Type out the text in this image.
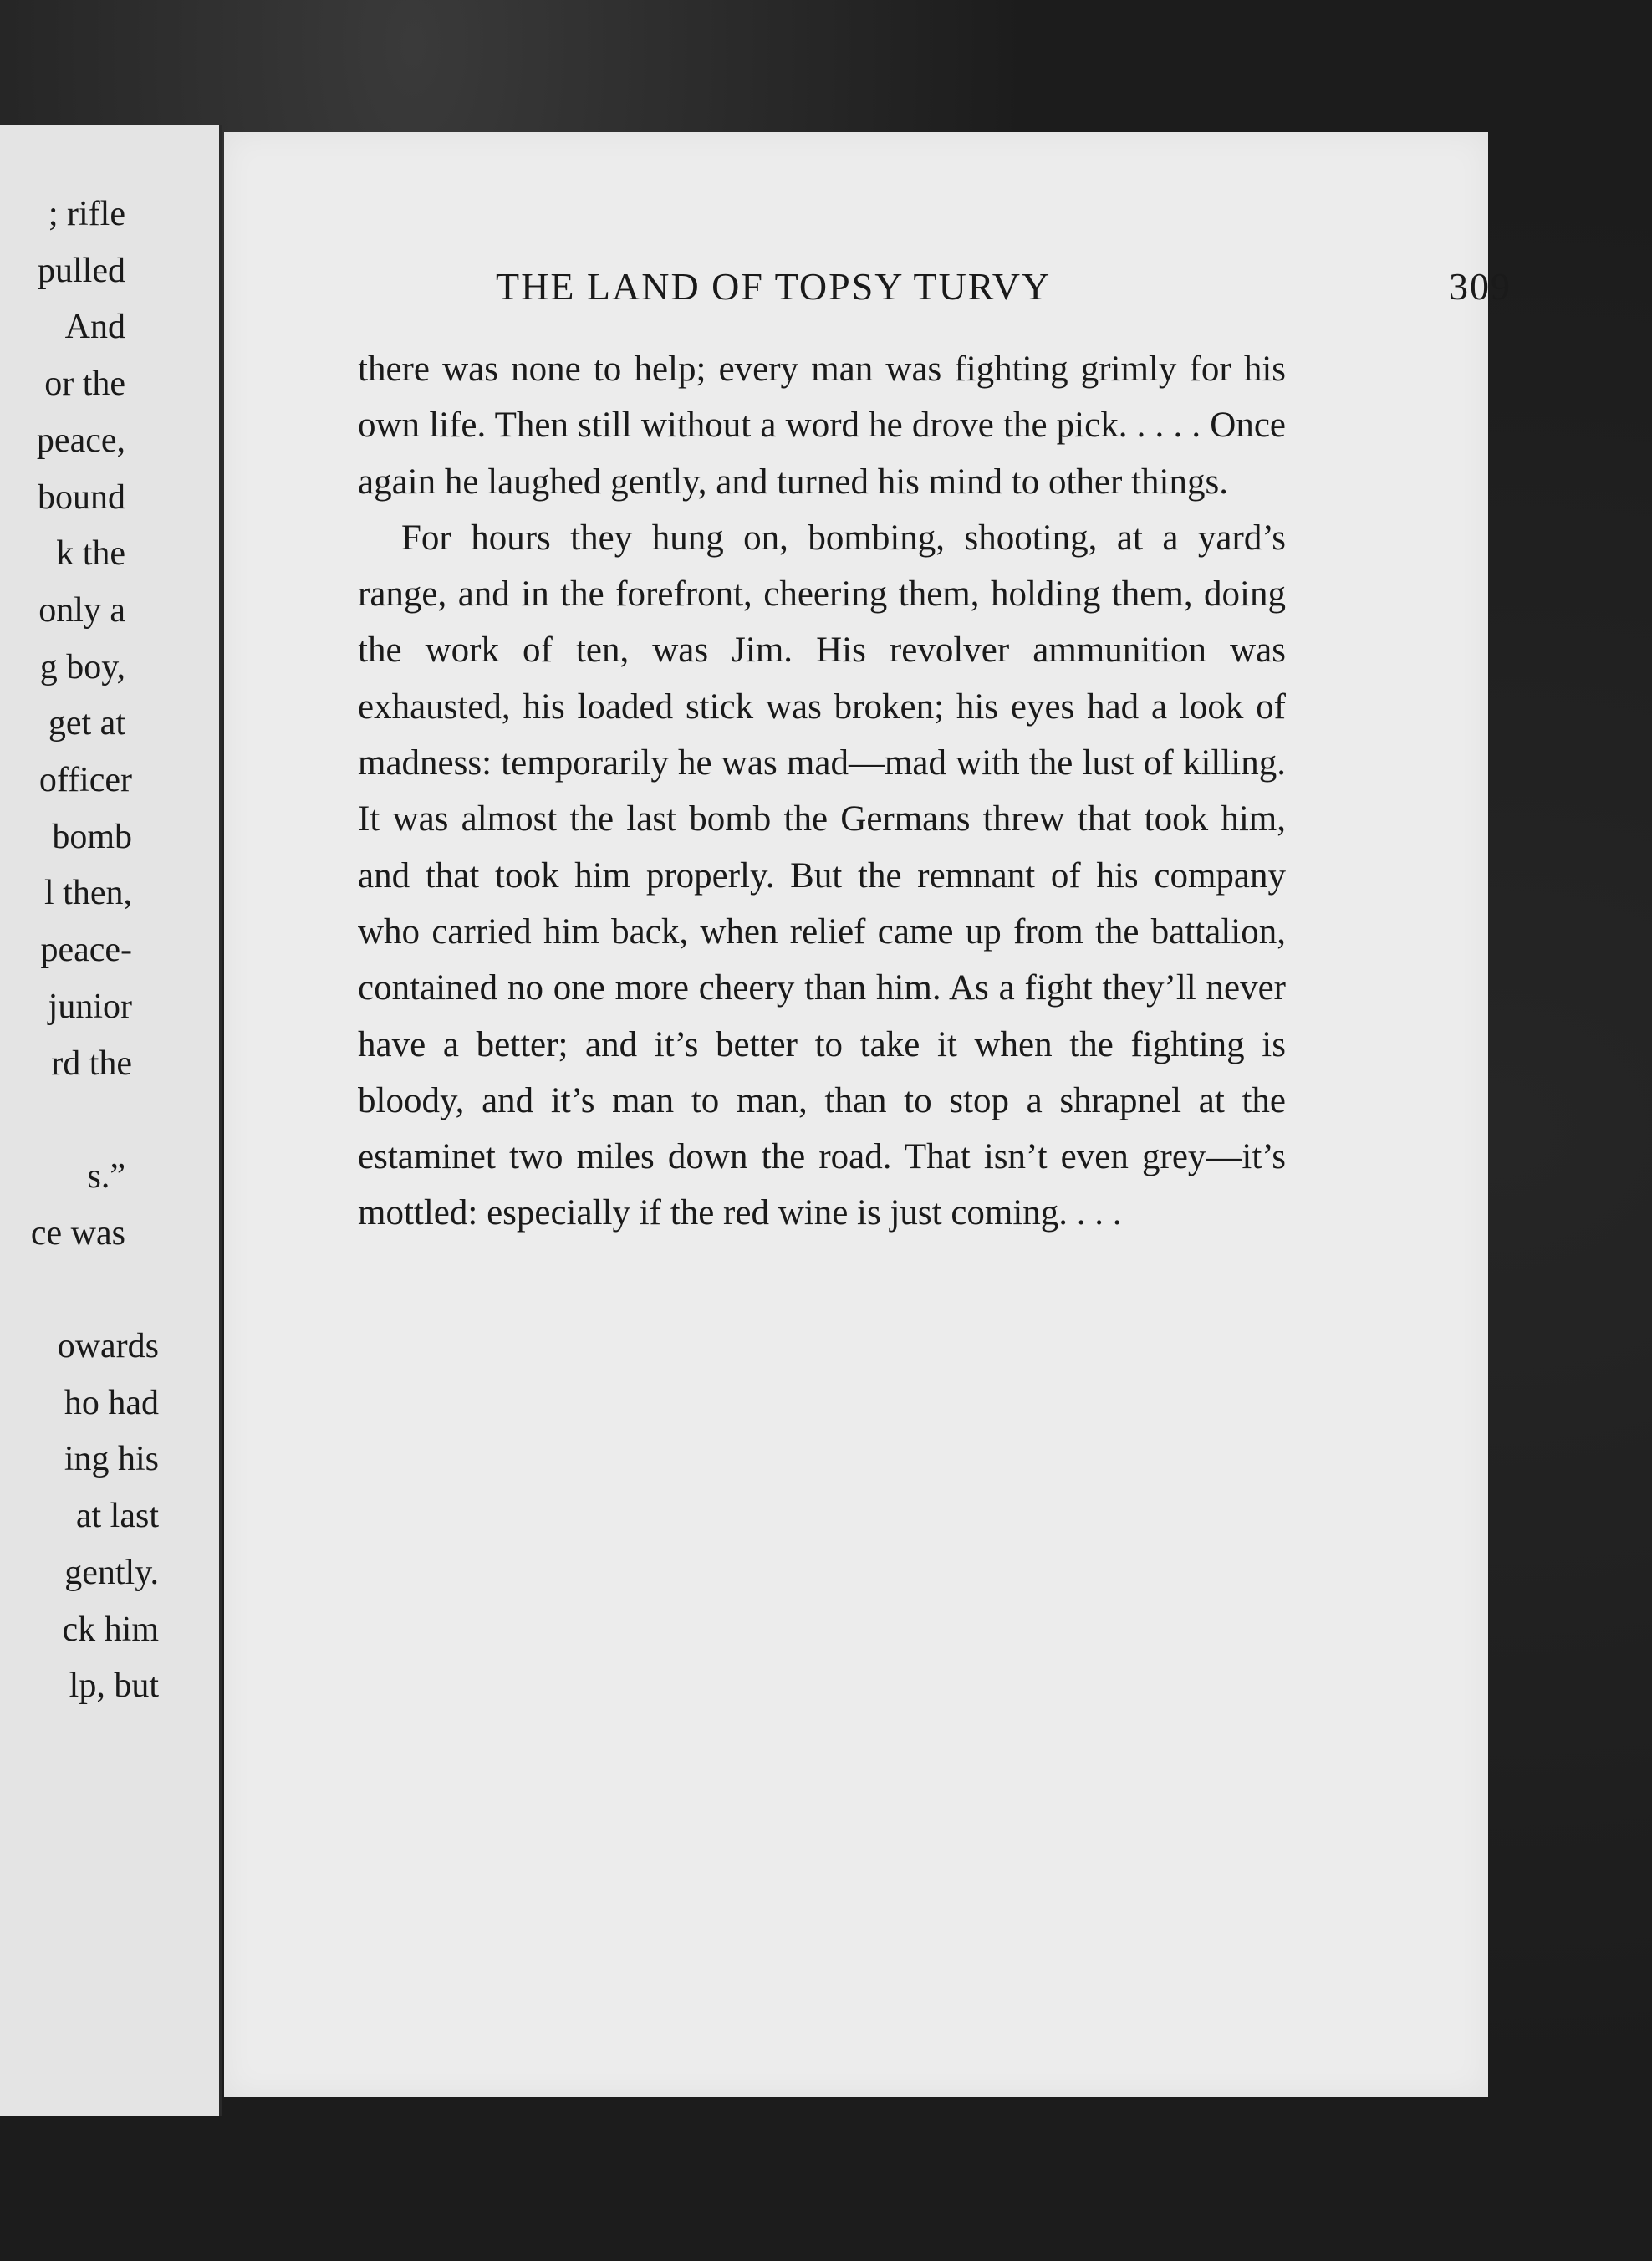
; rifle
pulled
And
or the
peace,
bound
k the
only a
g boy,
get at
officer
bomb
l then,
peace-
junior
rd the
s.”
ce was
owards
ho had
ing his
at last
gently.
ck him
lp, but
THE LAND OF TOPSY TURVY	309

there was none to help; every man was fighting grimly for his own life. Then still without a word he drove the pick. . . . . Once again he laughed gently, and turned his mind to other things.

For hours they hung on, bombing, shooting, at a yard’s range, and in the forefront, cheering them, holding them, doing the work of ten, was Jim. His revolver ammunition was exhausted, his loaded stick was broken; his eyes had a look of madness: temporarily he was mad—mad with the lust of killing. It was almost the last bomb the Germans threw that took him, and that took him properly. But the remnant of his company who carried him back, when relief came up from the battalion, contained no one more cheery than him. As a fight they’ll never have a better; and it’s better to take it when the fighting is bloody, and it’s man to man, than to stop a shrapnel at the estaminet two miles down the road. That isn’t even grey—it’s mottled: especially if the red wine is just coming. . . .
